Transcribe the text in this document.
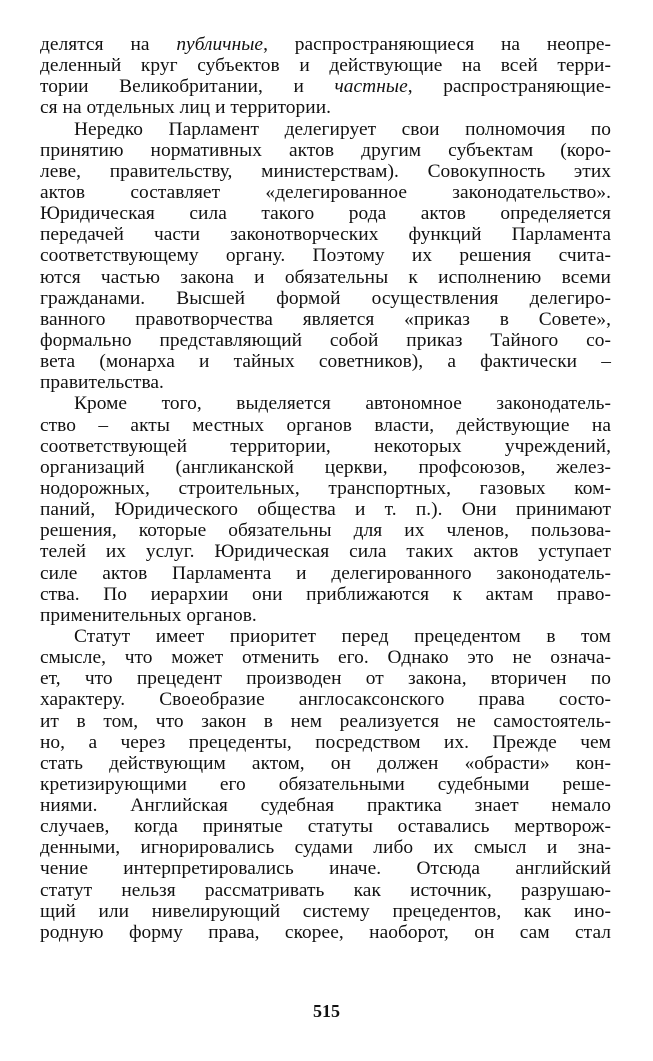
делятся на публичные, распространяющиеся на неопре-
деленный круг субъектов и действующие на всей терри-
тории Великобритании, и частные, распространяющие-
ся на отдельных лиц и территории.
Нередко Парламент делегирует свои полномочия по
принятию нормативных актов другим субъектам (коро-
леве, правительству, министерствам). Совокупность этих
актов составляет «делегированное законодательство».
Юридическая сила такого рода актов определяется
передачей части законотворческих функций Парламента
соответствующему органу. Поэтому их решения счита-
ются частью закона и обязательны к исполнению всеми
гражданами. Высшей формой осуществления делегиро-
ванного правотворчества является «приказ в Совете»,
формально представляющий собой приказ Тайного со-
вета (монарха и тайных советников), а фактически –
правительства.
Кроме того, выделяется автономное законодатель-
ство – акты местных органов власти, действующие на
соответствующей территории, некоторых учреждений,
организаций (англиканской церкви, профсоюзов, желез-
нодорожных, строительных, транспортных, газовых ком-
паний, Юридического общества и т. п.). Они принимают
решения, которые обязательны для их членов, пользова-
телей их услуг. Юридическая сила таких актов уступает
силе актов Парламента и делегированного законодатель-
ства. По иерархии они приближаются к актам право-
применительных органов.
Статут имеет приоритет перед прецедентом в том
смысле, что может отменить его. Однако это не означа-
ет, что прецедент производен от закона, вторичен по
характеру. Своеобразие англосаксонского права состо-
ит в том, что закон в нем реализуется не самостоятель-
но, а через прецеденты, посредством их. Прежде чем
стать действующим актом, он должен «обрасти» кон-
кретизирующими его обязательными судебными реше-
ниями. Английская судебная практика знает немало
случаев, когда принятые статуты оставались мертворож-
денными, игнорировались судами либо их смысл и зна-
чение интерпретировались иначе. Отсюда английский
статут нельзя рассматривать как источник, разрушаю-
щий или нивелирующий систему прецедентов, как ино-
родную форму права, скорее, наоборот, он сам стал
515
